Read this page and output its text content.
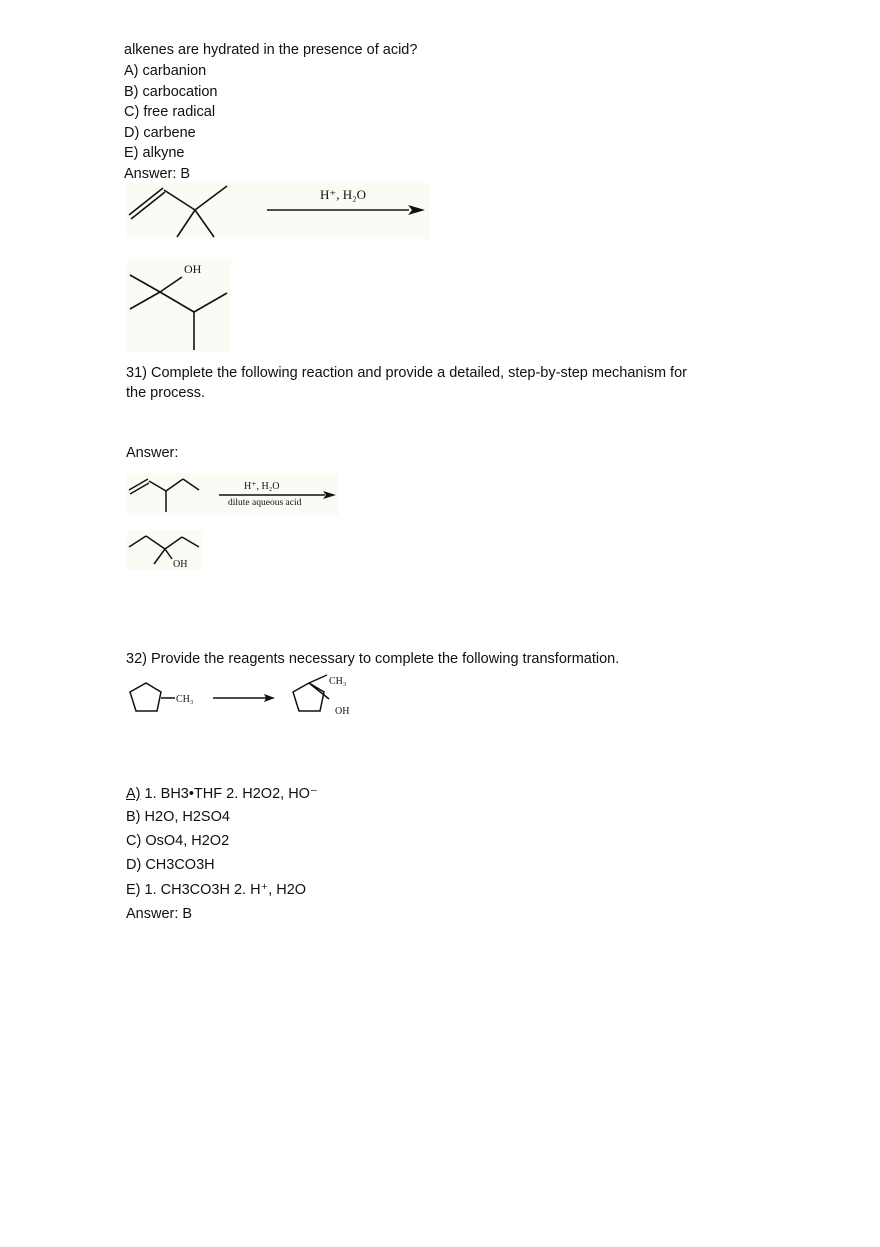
alkenes are hydrated in the presence of acid?
A) carbanion
B) carbocation
C) free radical
D) carbene
E) alkyne
Answer: B
H⁺, H₂O
OH
31) Complete the following reaction and provide a detailed, step-by-step mechanism for
the process.
Answer:
H⁺, H₂O
dilute aqueous acid
OH
32) Provide the reagents necessary to complete the following transformation.
CH₃
CH₃
OH
A) 1. BH3•THF 2. H2O2, HO⁻
B) H2O, H2SO4
C) OsO4, H2O2
D) CH3CO3H
E) 1. CH3CO3H 2. H⁺, H2O
Answer: B
